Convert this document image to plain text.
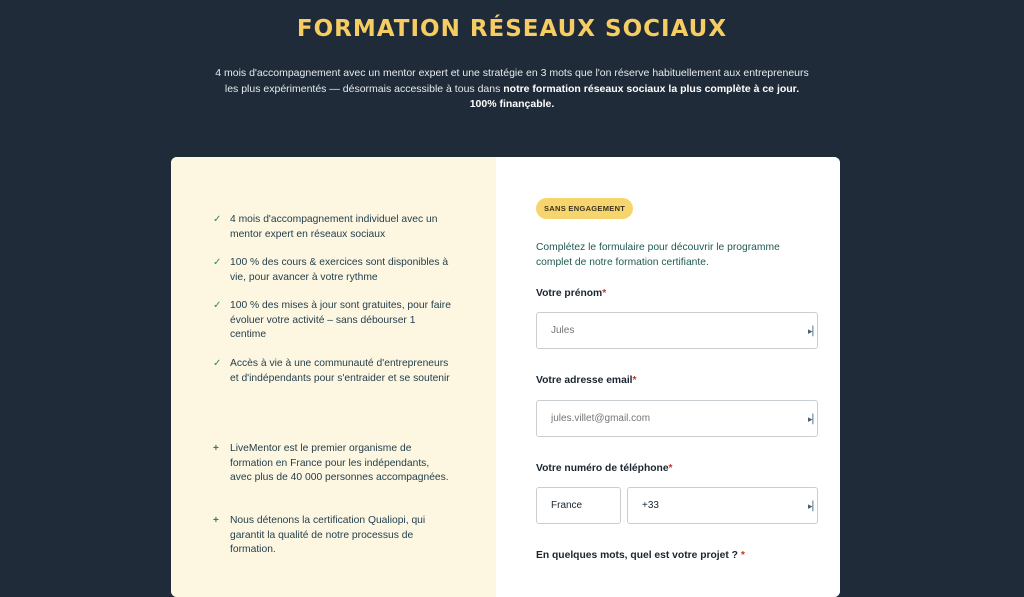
FORMATION RÉSEAUX SOCIAUX
4 mois d'accompagnement avec un mentor expert et une stratégie en 3 mots que l'on réserve habituellement aux entrepreneurs les plus expérimentés — désormais accessible à tous dans notre formation réseaux sociaux la plus complète à ce jour. 100% finançable.
✓ 4 mois d'accompagnement individuel avec un mentor expert en réseaux sociaux
✓ 100 % des cours & exercices sont disponibles à vie, pour avancer à votre rythme
✓ 100 % des mises à jour sont gratuites, pour faire évoluer votre activité – sans débourser 1 centime
✓ Accès à vie à une communauté d'entrepreneurs et d'indépendants pour s'entraider et se soutenir
+	LiveMentor est le premier organisme de formation en France pour les indépendants, avec plus de 40 000 personnes accompagnées.
+	Nous détenons la certification Qualiopi, qui garantit la qualité de notre processus de formation.
SANS ENGAGEMENT
Complétez le formulaire pour découvrir le programme complet de notre formation certifiante.
Votre prénom*
Jules
▸▏
Votre adresse email*
jules.villet@gmail.com
▸▏
Votre numéro de téléphone*
France	+33	▸▏
En quelques mots, quel est votre projet ? *
